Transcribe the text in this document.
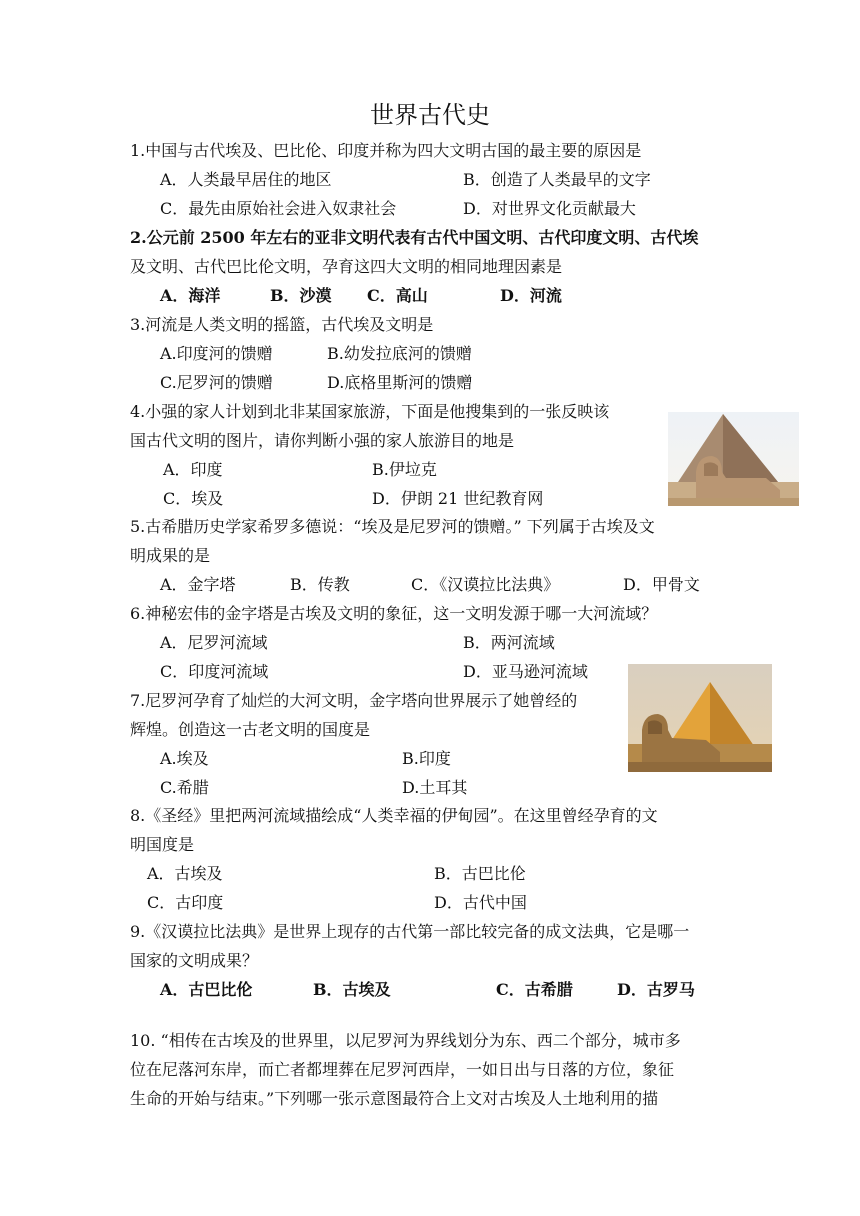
世界古代史
1.中国与古代埃及、巴比伦、印度并称为四大文明古国的最主要的原因是
A．人类最早居住的地区	B．创造了人类最早的文字
C．最先由原始社会进入奴隶社会	D．对世界文化贡献最大
2.公元前 2500 年左右的亚非文明代表有古代中国文明、古代印度文明、古代埃
及文明、古代巴比伦文明，孕育这四大文明的相同地理因素是
A．海洋	B．沙漠 C．高山	D．河流
3.河流是人类文明的摇篮，古代埃及文明是
A.印度河的馈赠	B.幼发拉底河的馈赠
C.尼罗河的馈赠	D.底格里斯河的馈赠
4.小强的家人计划到北非某国家旅游，下面是他搜集到的一张反映该
国古代文明的图片，请你判断小强的家人旅游目的地是
A．印度	B.伊垃克
C．埃及	D．伊朗 21 世纪教育网
5.古希腊历史学家希罗多德说：“埃及是尼罗河的馈赠。” 下列属于古埃及文
明成果的是
A．金字塔	B．传教	C．《汉谟拉比法典》	D．甲骨文
6.神秘宏伟的金字塔是古埃及文明的象征，这一文明发源于哪一大河流域？
A．尼罗河流域	B．两河流域
C．印度河流域	D．亚马逊河流域
7.尼罗河孕育了灿烂的大河文明，金字塔向世界展示了她曾经的
辉煌。创造这一古老文明的国度是
A.埃及	B.印度
C.希腊	D.土耳其
8.《圣经》里把两河流域描绘成“人类幸福的伊甸园”。在这里曾经孕育的文
明国度是
A．古埃及	B．古巴比伦
C．古印度	D．古代中国
9.《汉谟拉比法典》是世界上现存的古代第一部比较完备的成文法典，它是哪一
国家的文明成果？
A．古巴比伦	B．古埃及	C．古希腊	D．古罗马
10. “相传在古埃及的世界里，以尼罗河为界线划分为东、西二个部分，城市多
位在尼落河东岸，而亡者都埋葬在尼罗河西岸，一如日出与日落的方位，象征
生命的开始与结束。”下列哪一张示意图最符合上文对古埃及人土地利用的描
